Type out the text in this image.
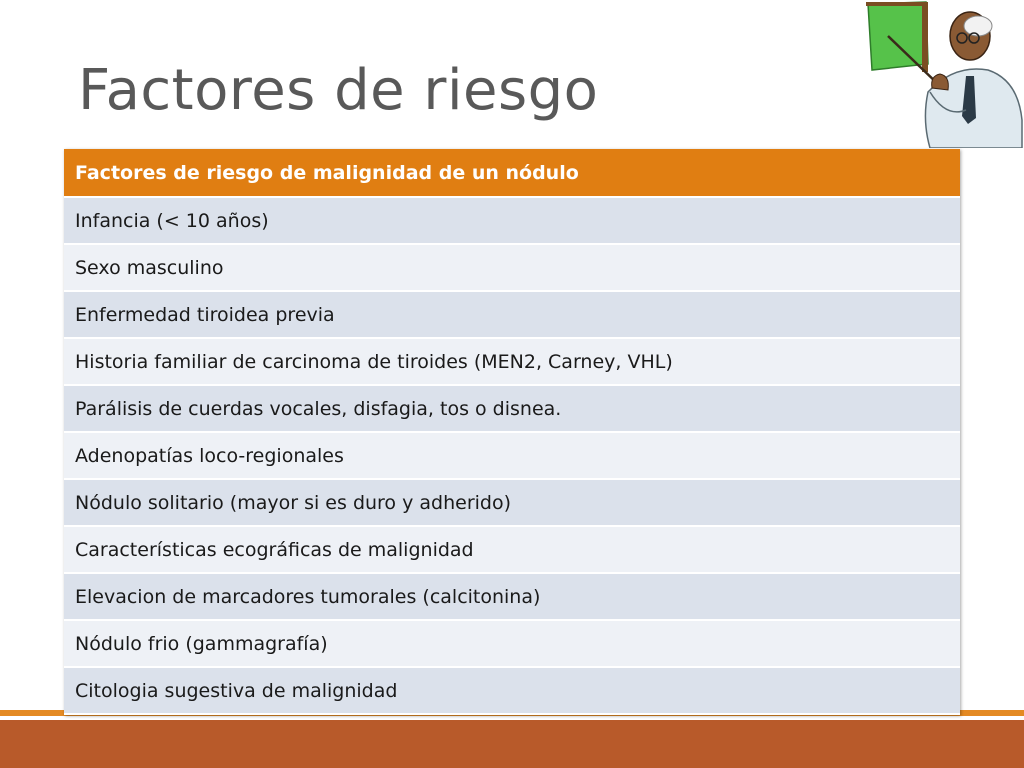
Factores de riesgo
Factores de riesgo de malignidad de un nódulo
Infancia (< 10 años)
Sexo masculino
Enfermedad tiroidea previa
Historia familiar de carcinoma de tiroides (MEN2, Carney, VHL)
Parálisis de cuerdas vocales, disfagia, tos o disnea.
Adenopatías loco-regionales
Nódulo solitario (mayor si es duro y adherido)
Características ecográficas de malignidad
Elevacion de marcadores tumorales (calcitonina)
Nódulo frio (gammagrafía)
Citologia sugestiva de malignidad
